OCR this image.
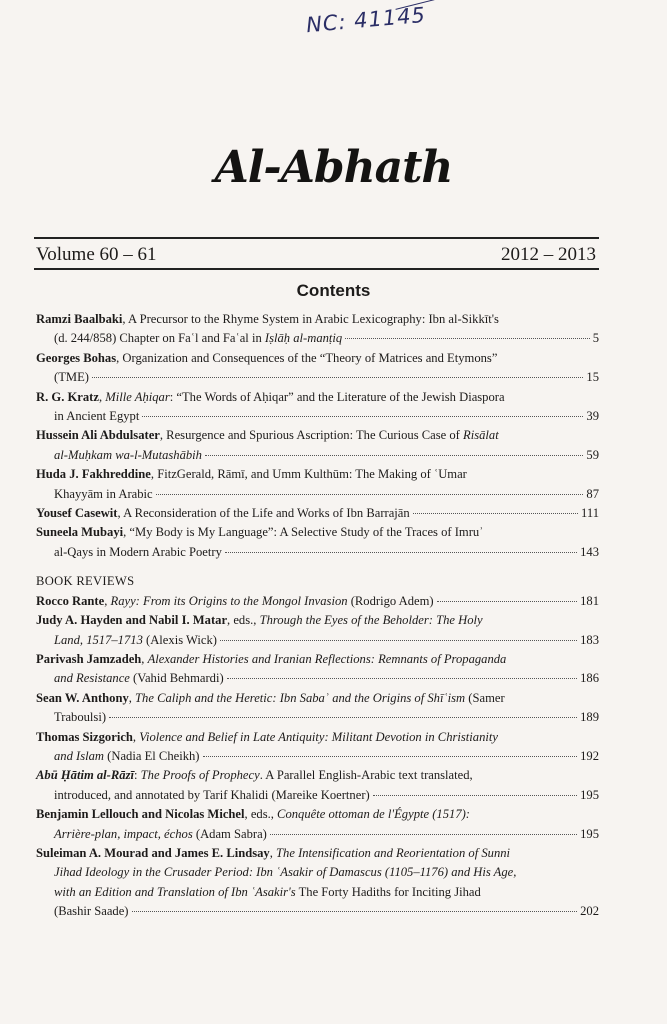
NC: 41145
Al-Abhath
Volume 60 – 61	2012 – 2013
Contents
Ramzi Baalbaki, A Precursor to the Rhyme System in Arabic Lexicography: Ibn al-Sikkīt's
(d. 244/858) Chapter on Faʿl and Faʿal in Iṣlāḥ al-manṭiq	5
Georges Bohas, Organization and Consequences of the “Theory of Matrices and Etymons”
(TME)	15
R. G. Kratz, Mille Aḥiqar: “The Words of Aḥiqar” and the Literature of the Jewish Diaspora
in Ancient Egypt	39
Hussein Ali Abdulsater, Resurgence and Spurious Ascription: The Curious Case of Risālat
al-Muḥkam wa-l-Mutashābih	59
Huda J. Fakhreddine, FitzGerald, Rāmī, and Umm Kulthūm: The Making of ʿUmar
Khayyām in Arabic	87
Yousef Casewit, A Reconsideration of the Life and Works of Ibn Barrajān	111
Suneela Mubayi, “My Body is My Language”: A Selective Study of the Traces of Imruʾ
al-Qays in Modern Arabic Poetry	143
BOOK REVIEWS
Rocco Rante, Rayy: From its Origins to the Mongol Invasion (Rodrigo Adem)	181
Judy A. Hayden and Nabil I. Matar, eds., Through the Eyes of the Beholder: The Holy
Land, 1517–1713 (Alexis Wick)	183
Parivash Jamzadeh, Alexander Histories and Iranian Reflections: Remnants of Propaganda
and Resistance (Vahid Behmardi)	186
Sean W. Anthony, The Caliph and the Heretic: Ibn Sabaʾ and the Origins of Shīʿism (Samer
Traboulsi)	189
Thomas Sizgorich, Violence and Belief in Late Antiquity: Militant Devotion in Christianity
and Islam (Nadia El Cheikh)	192
Abū Ḥātim al-Rāzī: The Proofs of Prophecy. A Parallel English-Arabic text translated,
introduced, and annotated by Tarif Khalidi (Mareike Koertner)	195
Benjamin Lellouch and Nicolas Michel, eds., Conquête ottoman de l'Égypte (1517):
Arrière-plan, impact, échos (Adam Sabra)	195
Suleiman A. Mourad and James E. Lindsay, The Intensification and Reorientation of Sunni
Jihad Ideology in the Crusader Period: Ibn ʿAsakir of Damascus (1105–1176) and His Age,
with an Edition and Translation of Ibn ʿAsakir's The Forty Hadiths for Inciting Jihad
(Bashir Saade)	202
